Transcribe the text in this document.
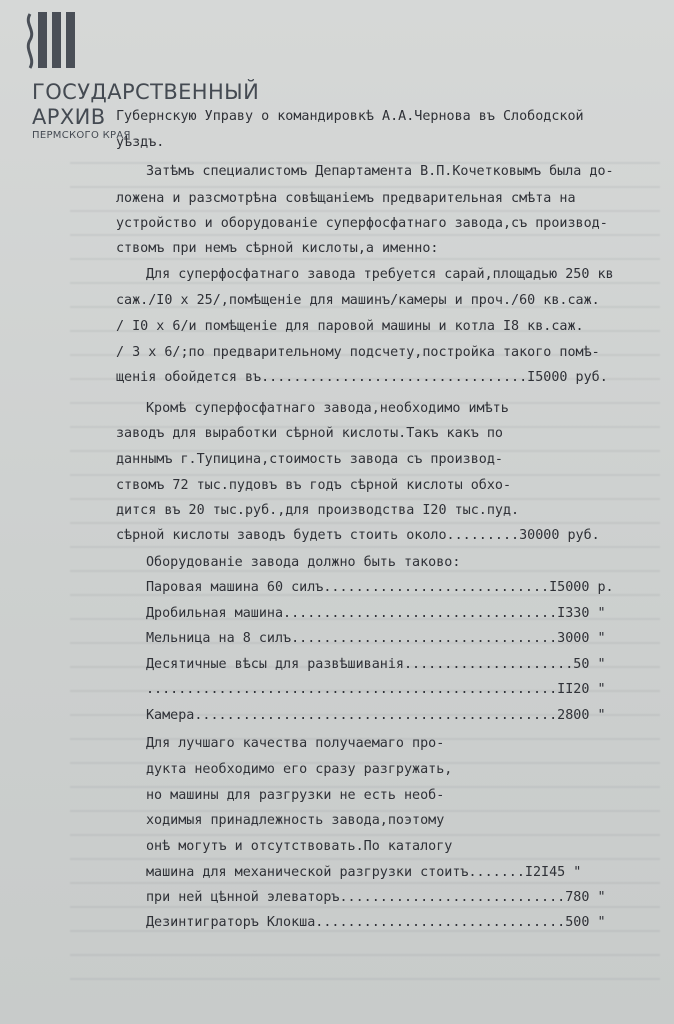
ГОСУДАРСТВЕННЫЙ
АРХИВ
ПЕРМСКОГО КРАЯ
Губернскую Управу о командировкѣ А.А.Чернова въ Слободской
уѣздъ.
Затѣмъ специалистомъ Департамента В.П.Кочетковымъ была до-
ложена и разсмотрѣна совѣщаніемъ предварительная смѣта на
устройство и оборудованіе суперфосфатнаго завода,съ производ-
ствомъ при немъ сѣрной кислоты,а именно:
Для суперфосфатнаго завода требуется сарай,площадью 250 кв
саж./I0 x 25/,помѣщеніе для машинъ/камеры и проч./60 кв.саж.
/ I0 x 6/и помѣщеніе для паровой машины и котла I8 кв.саж.
/ 3 x 6/;по предварительному подсчету,постройка такого помѣ-
щенія обойдется въ.................................I5000 руб.
Кромѣ суперфосфатнаго завода,необходимо имѣть
заводъ для выработки сѣрной кислоты.Такъ какъ по
даннымъ г.Тупицина,стоимость завода съ производ-
ствомъ 72 тыс.пудовъ въ годъ сѣрной кислоты обхо-
дится въ 20 тыс.руб.,для производства I20 тыс.пуд.
сѣрной кислоты заводъ будетъ стоить около.........30000 руб.
Оборудованіе завода должно быть таково:
Паровая машина 60 силъ............................I5000 р.
Дробильная машина..................................I330 "
Мельница на 8 силъ.................................3000 "
Десятичные вѣсы для развѣшиванія.....................50 "
...................................................II20 "
Камера.............................................2800 "
Для лучшаго качества получаемаго про-
дукта необходимо его сразу разгружать,
но машины для разгрузки не есть необ-
ходимыя принадлежность завода,поэтому
онѣ могутъ и отсутствовать.По каталогу
машина для механической разгрузки стоитъ.......I2I45 "
при ней цѣнной элеваторъ............................780 "
Дезинтиграторъ Клокша...............................500 "
